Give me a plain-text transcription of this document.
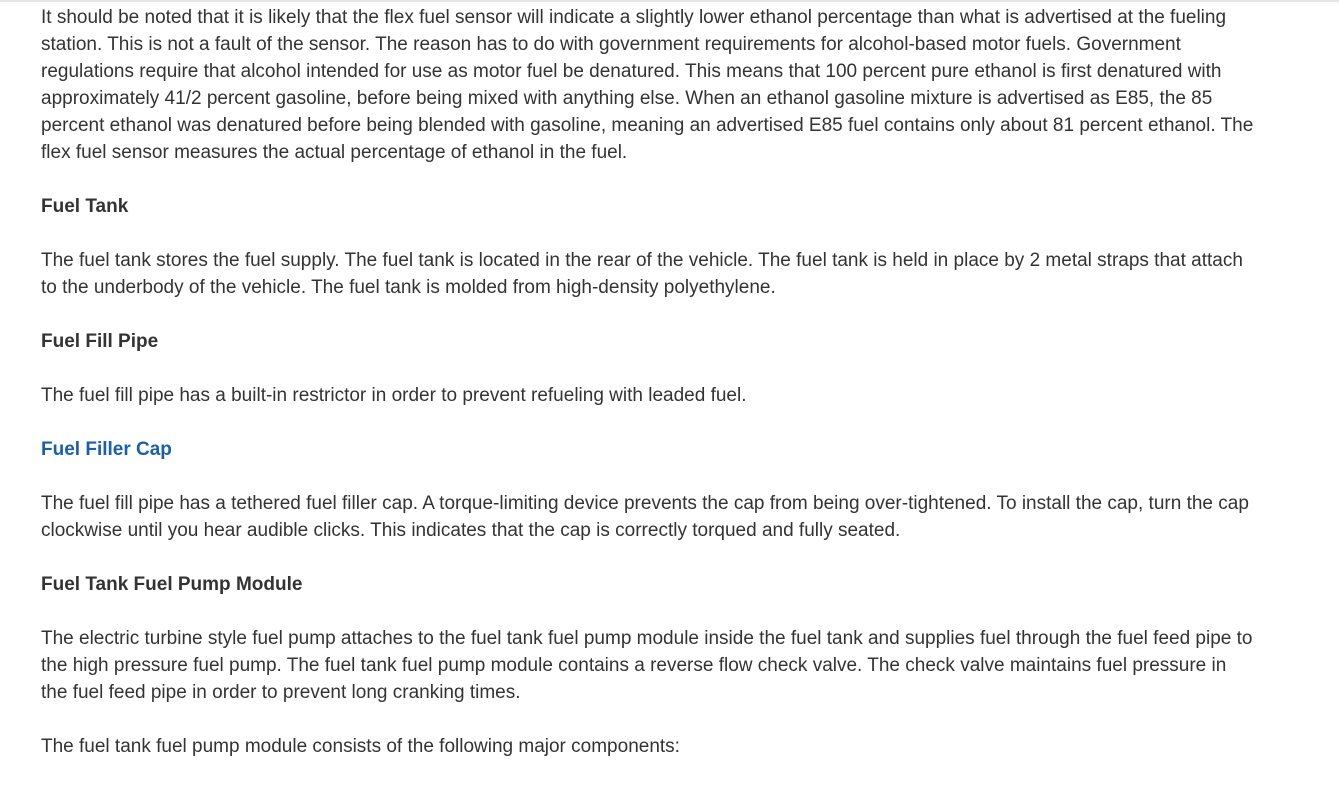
It should be noted that it is likely that the flex fuel sensor will indicate a slightly lower ethanol percentage than what is advertised at the fueling station. This is not a fault of the sensor. The reason has to do with government requirements for alcohol-based motor fuels. Government regulations require that alcohol intended for use as motor fuel be denatured. This means that 100 percent pure ethanol is first denatured with approximately 41/2 percent gasoline, before being mixed with anything else. When an ethanol gasoline mixture is advertised as E85, the 85 percent ethanol was denatured before being blended with gasoline, meaning an advertised E85 fuel contains only about 81 percent ethanol. The flex fuel sensor measures the actual percentage of ethanol in the fuel.

Fuel Tank

The fuel tank stores the fuel supply. The fuel tank is located in the rear of the vehicle. The fuel tank is held in place by 2 metal straps that attach to the underbody of the vehicle. The fuel tank is molded from high-density polyethylene.

Fuel Fill Pipe

The fuel fill pipe has a built-in restrictor in order to prevent refueling with leaded fuel.

Fuel Filler Cap

The fuel fill pipe has a tethered fuel filler cap. A torque-limiting device prevents the cap from being over-tightened. To install the cap, turn the cap clockwise until you hear audible clicks. This indicates that the cap is correctly torqued and fully seated.

Fuel Tank Fuel Pump Module

The electric turbine style fuel pump attaches to the fuel tank fuel pump module inside the fuel tank and supplies fuel through the fuel feed pipe to the high pressure fuel pump. The fuel tank fuel pump module contains a reverse flow check valve. The check valve maintains fuel pressure in the fuel feed pipe in order to prevent long cranking times.

The fuel tank fuel pump module consists of the following major components:
